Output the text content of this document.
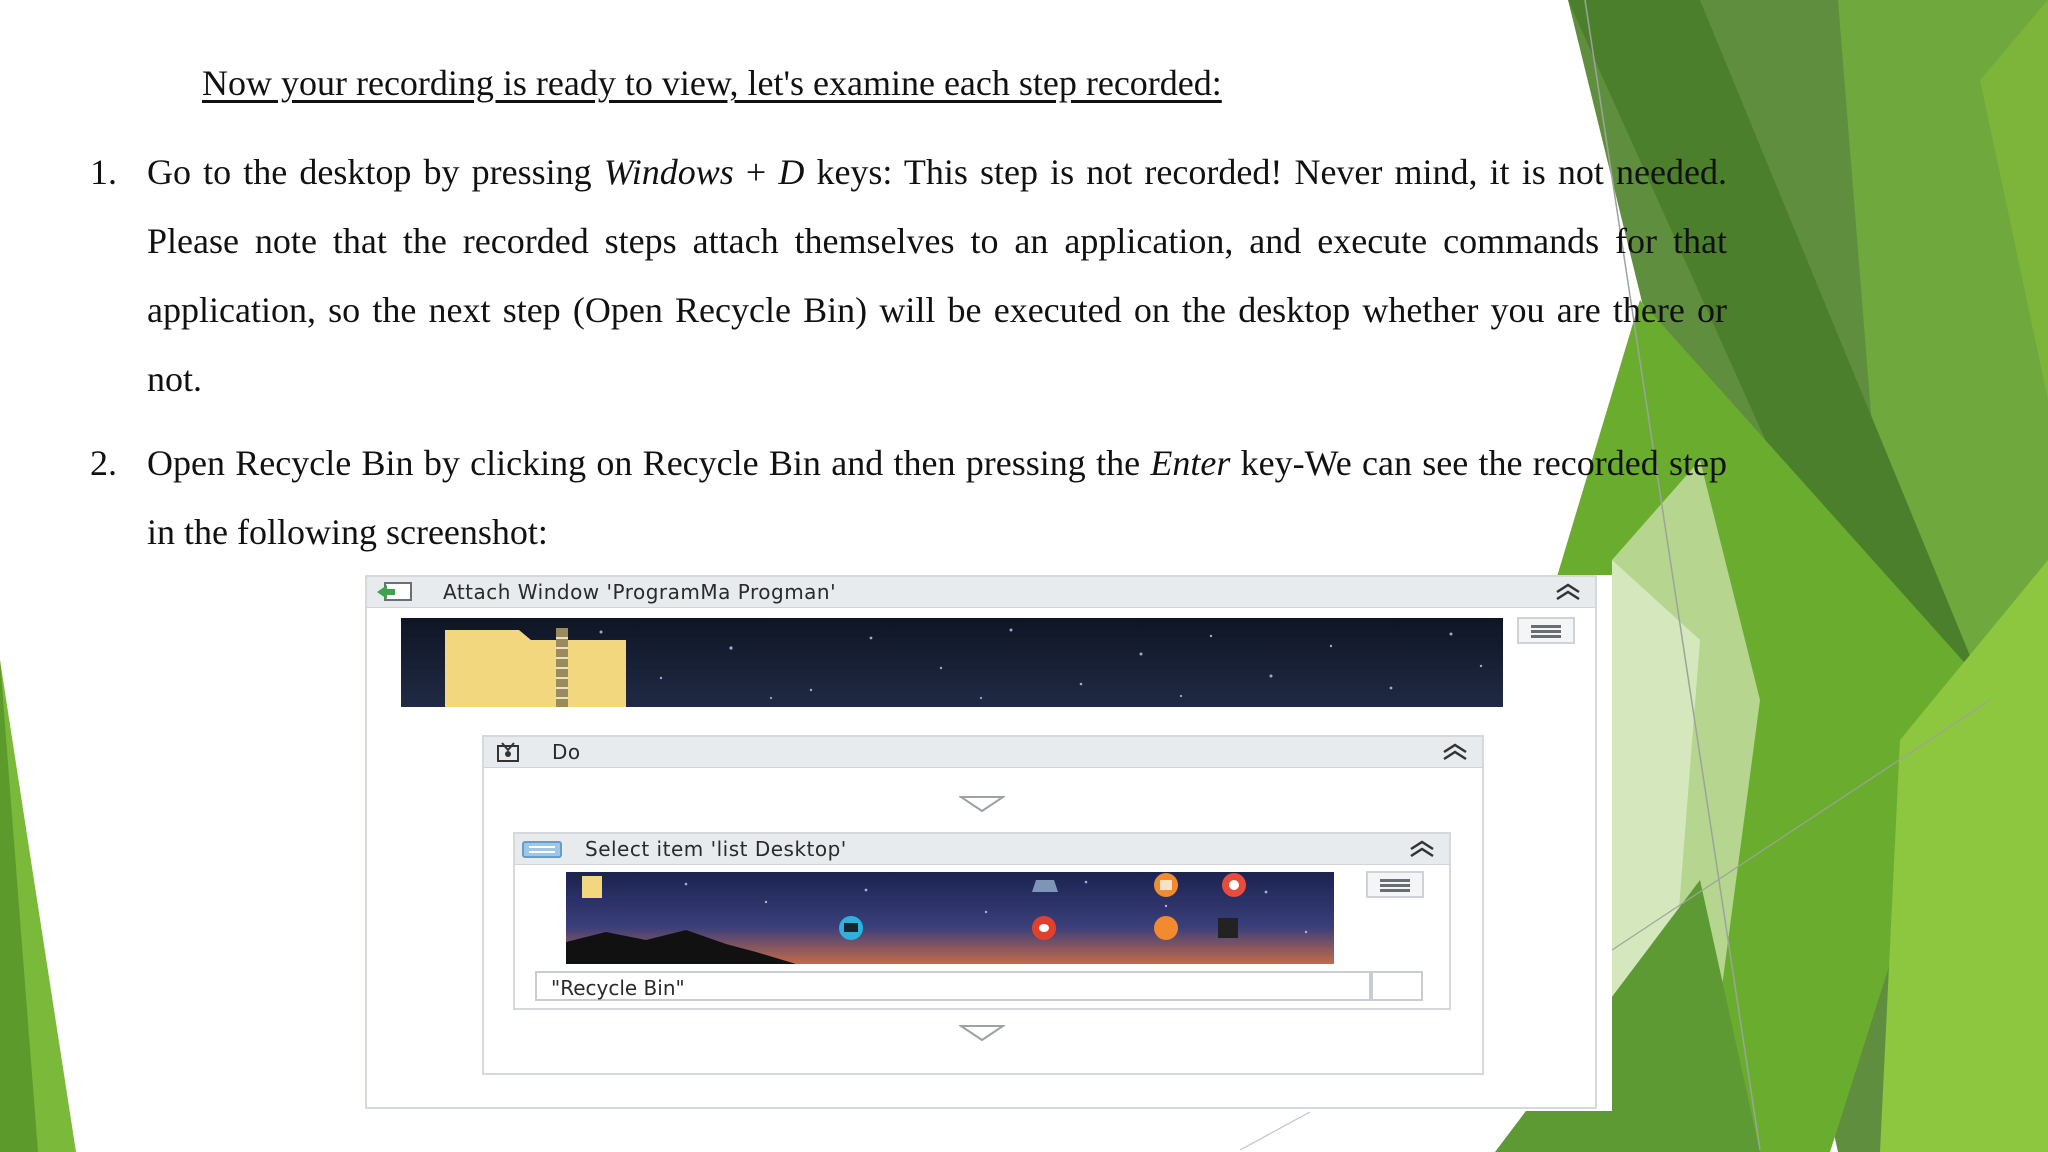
Now your recording is ready to view, let's examine each step recorded:
1. Go to the desktop by pressing Windows + D keys: This step is not recorded! Never mind, it is not needed. Please note that the recorded steps attach themselves to an application, and execute commands for that application, so the next step (Open Recycle Bin) will be executed on the desktop whether you are there or not.
2. Open Recycle Bin by clicking on Recycle Bin and then pressing the Enter key-We can see the recorded step in the following screenshot:
Attach Window 'ProgramMa Progman'
Do
Select item 'list Desktop'
"Recycle Bin"
